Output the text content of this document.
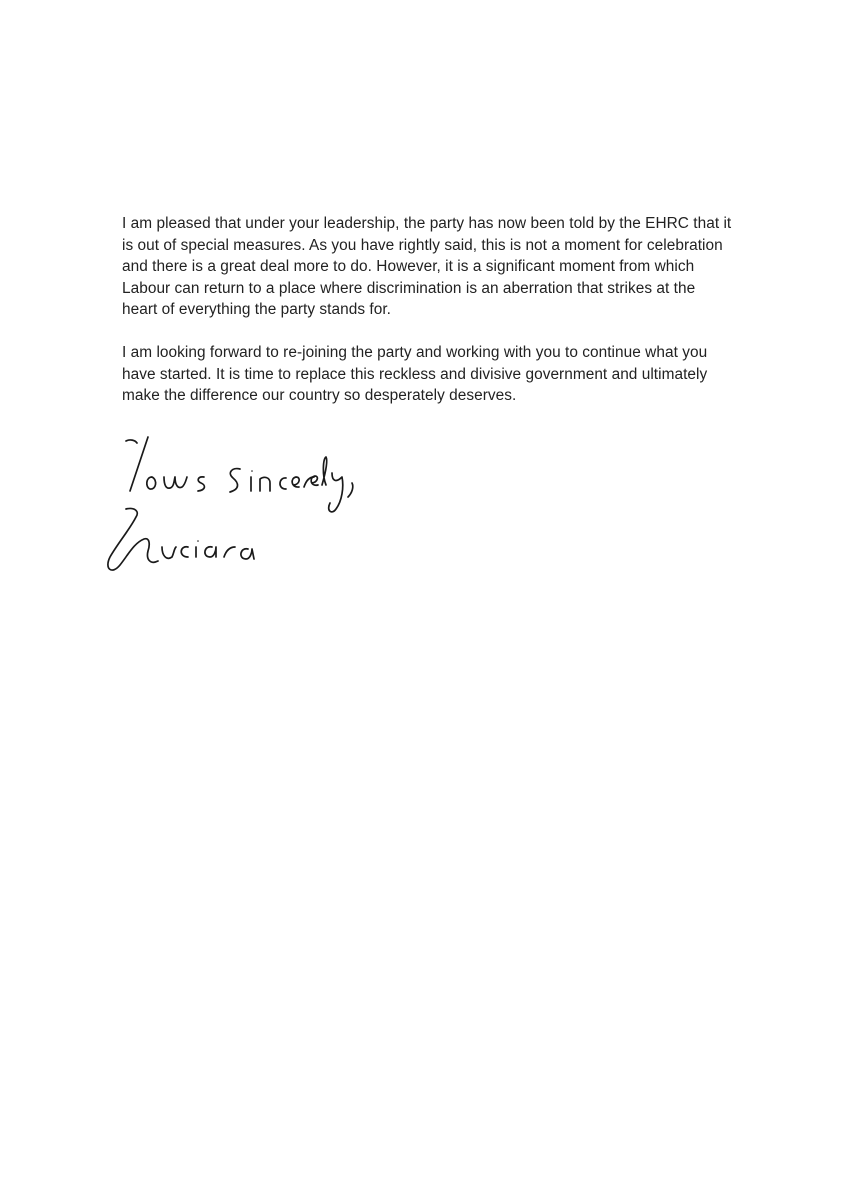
I am pleased that under your leadership, the party has now been told by the EHRC that it
is out of special measures. As you have rightly said, this is not a moment for celebration
and there is a great deal more to do. However, it is a significant moment from which
Labour can return to a place where discrimination is an aberration that strikes at the
heart of everything the party stands for.

I am looking forward to re-joining the party and working with you to continue what you
have started. It is time to replace this reckless and divisive government and ultimately
make the difference our country so desperately deserves.
